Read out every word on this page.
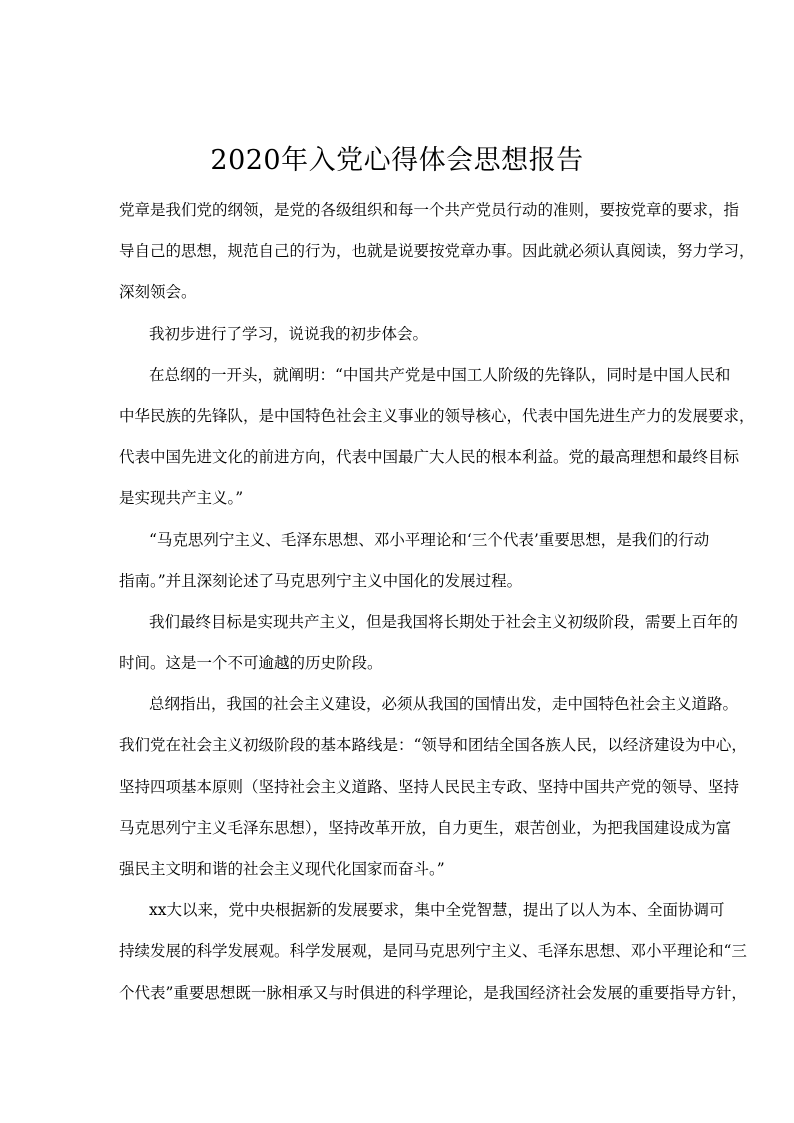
2020年入党心得体会思想报告
党章是我们党的纲领，是党的各级组织和每一个共产党员行动的准则，要按党章的要求，指
导自己的思想，规范自己的行为，也就是说要按党章办事。因此就必须认真阅读，努力学习，
深刻领会。
我初步进行了学习，说说我的初步体会。
在总纲的一开头，就阐明：“中国共产党是中国工人阶级的先锋队，同时是中国人民和
中华民族的先锋队，是中国特色社会主义事业的领导核心，代表中国先进生产力的发展要求，
代表中国先进文化的前进方向，代表中国最广大人民的根本利益。党的最高理想和最终目标
是实现共产主义。”
“马克思列宁主义、毛泽东思想、邓小平理论和‘三个代表’重要思想，是我们的行动
指南。”并且深刻论述了马克思列宁主义中国化的发展过程。
我们最终目标是实现共产主义，但是我国将长期处于社会主义初级阶段，需要上百年的
时间。这是一个不可逾越的历史阶段。
总纲指出，我国的社会主义建设，必须从我国的国情出发，走中国特色社会主义道路。
我们党在社会主义初级阶段的基本路线是：“领导和团结全国各族人民，以经济建设为中心，
坚持四项基本原则（坚持社会主义道路、坚持人民民主专政、坚持中国共产党的领导、坚持
马克思列宁主义毛泽东思想），坚持改革开放，自力更生，艰苦创业，为把我国建设成为富
强民主文明和谐的社会主义现代化国家而奋斗。”
xx大以来，党中央根据新的发展要求，集中全党智慧，提出了以人为本、全面协调可
持续发展的科学发展观。科学发展观，是同马克思列宁主义、毛泽东思想、邓小平理论和“三
个代表”重要思想既一脉相承又与时俱进的科学理论，是我国经济社会发展的重要指导方针，
